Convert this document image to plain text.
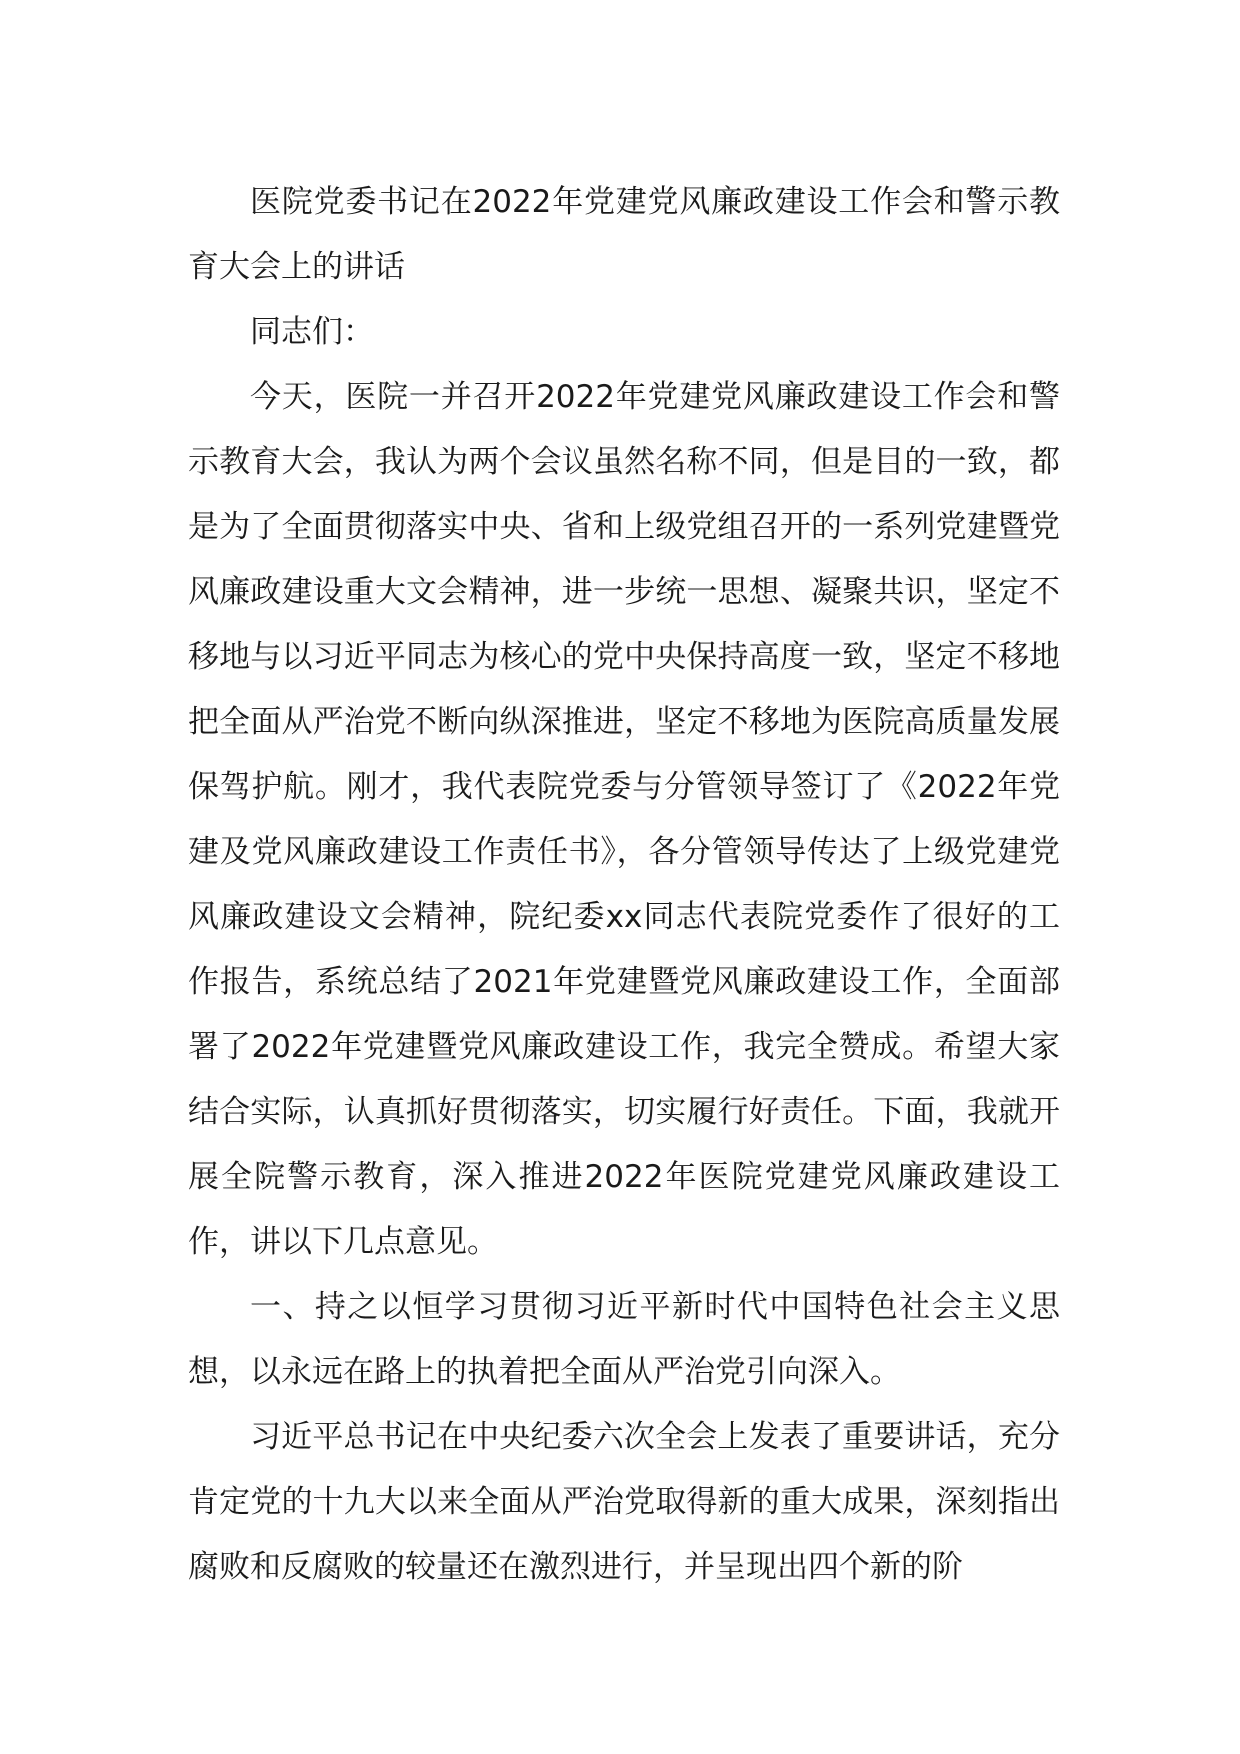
医院党委书记在2022年党建党风廉政建设工作会和警示教育大会上的讲话

同志们：

今天，医院一并召开2022年党建党风廉政建设工作会和警示教育大会，我认为两个会议虽然名称不同，但是目的一致，都是为了全面贯彻落实中央、省和上级党组召开的一系列党建暨党风廉政建设重大文会精神，进一步统一思想、凝聚共识，坚定不移地与以习近平同志为核心的党中央保持高度一致，坚定不移地把全面从严治党不断向纵深推进，坚定不移地为医院高质量发展保驾护航。刚才，我代表院党委与分管领导签订了《2022年党建及党风廉政建设工作责任书》，各分管领导传达了上级党建党风廉政建设文会精神，院纪委xx同志代表院党委作了很好的工作报告，系统总结了2021年党建暨党风廉政建设工作，全面部署了2022年党建暨党风廉政建设工作，我完全赞成。希望大家结合实际，认真抓好贯彻落实，切实履行好责任。下面，我就开展全院警示教育，深入推进2022年医院党建党风廉政建设工作，讲以下几点意见。

一、持之以恒学习贯彻习近平新时代中国特色社会主义思想，以永远在路上的执着把全面从严治党引向深入。

习近平总书记在中央纪委六次全会上发表了重要讲话，充分肯定党的十九大以来全面从严治党取得新的重大成果，深刻指出腐败和反腐败的较量还在激烈进行，并呈现出四个新的阶
